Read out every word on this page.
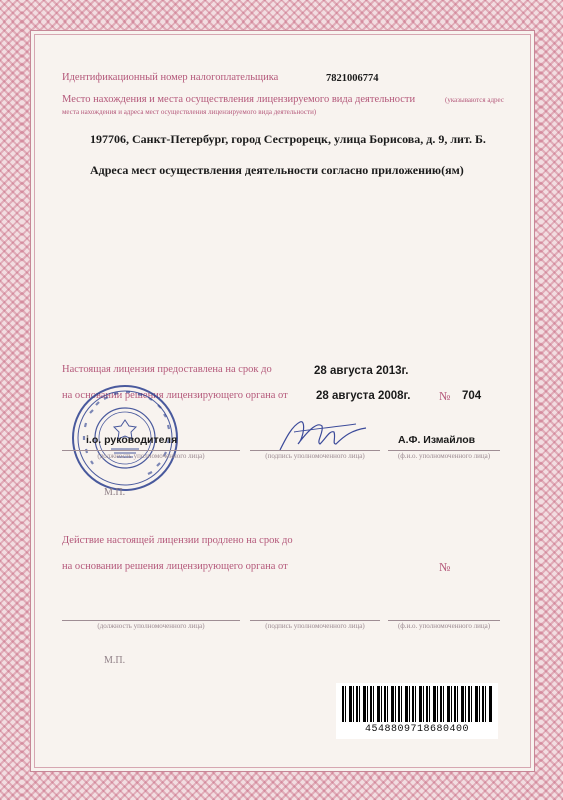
Идентификационный номер налогоплательщика	7821006774
Место нахождения и места осуществления лицензируемого вида деятельности	(указываются адрес
места нахождения и адреса мест осуществления лицензируемого вида деятельности)
197706, Санкт-Петербург, город Сестрорецк, улица Борисова, д. 9, лит. Б.
Адреса мест осуществления деятельности согласно приложению(ям)
Настоящая лицензия предоставлена на срок до	28 августа 2013г.
на основании решения лицензирующего органа от 28 августа 2008г. № 704
і.о. руководителя
(должность уполномоченного лица)	(подпись уполномоченного лица)
А.Ф. Измайлов
(ф.и.о. уполномоченного лица)
М.П.
Действие настоящей лицензии продлено на срок до
на основании решения лицензирующего органа от	№
(должность уполномоченного лица)	(подпись уполномоченного лица)	(ф.и.о. уполномоченного лица)
М.П.
4548809718680400
